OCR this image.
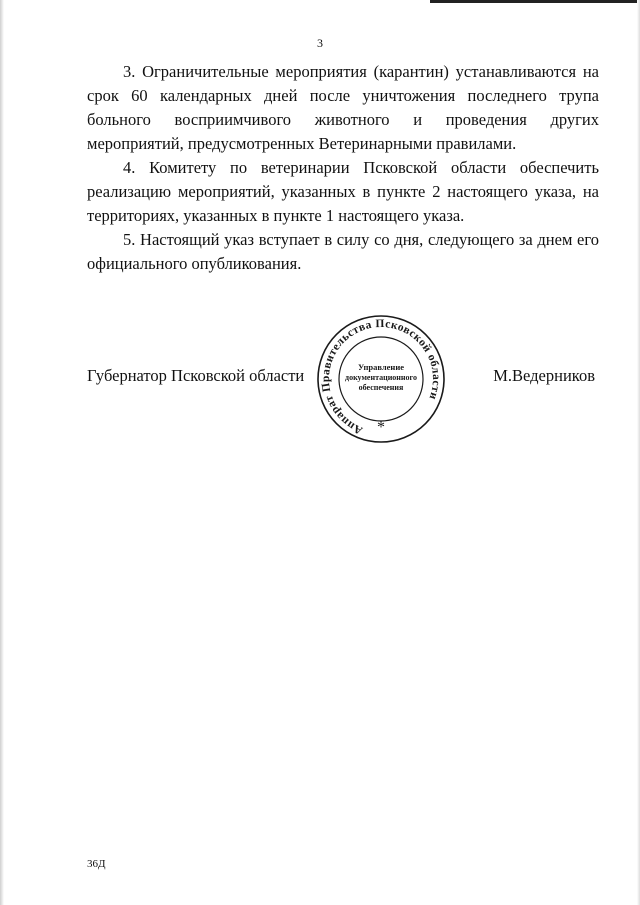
3

3. Ограничительные мероприятия (карантин) устанавливаются на срок 60 календарных дней после уничтожения последнего трупа больного восприимчивого животного и проведения других мероприятий, предусмотренных Ветеринарными правилами.

4. Комитету по ветеринарии Псковской области обеспечить реализацию мероприятий, указанных в пункте 2 настоящего указа, на территориях, указанных в пункте 1 настоящего указа.

5. Настоящий указ вступает в силу со дня, следующего за днем его официального опубликования.

Губернатор Псковской области	М.Ведерников
Аппарат Правительства Псковской области
Управление
документационного
обеспечения
*
36Д
